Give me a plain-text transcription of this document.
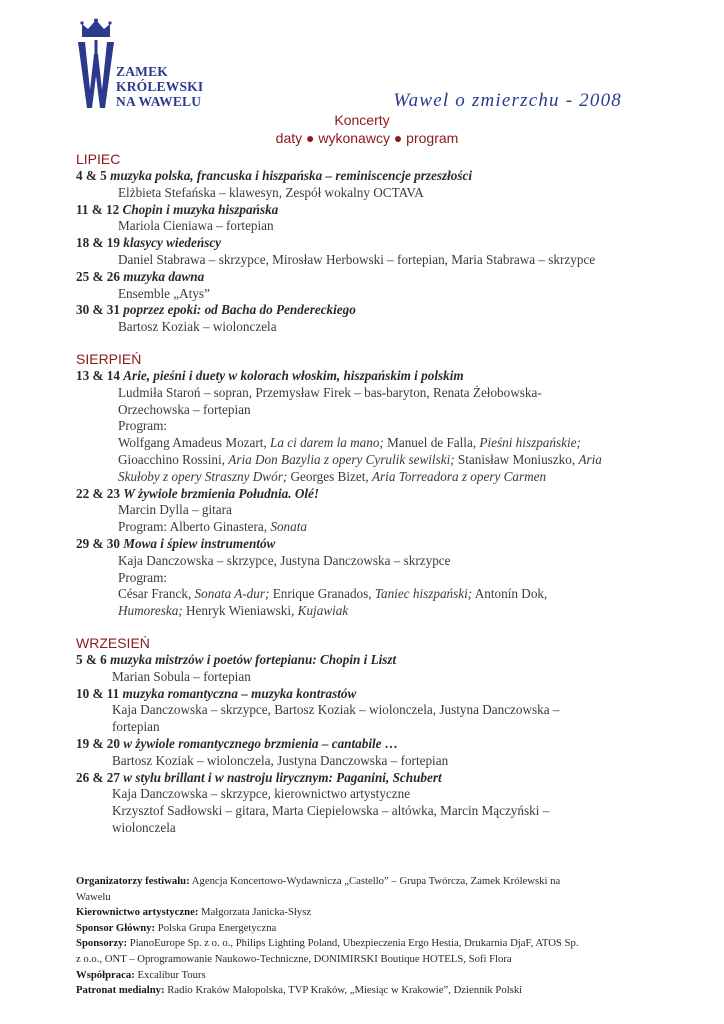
ZAMEK
KRÓLEWSKI
NA WAWELU	Wawel o zmierzchu - 2008
Koncerty
daty ● wykonawcy ● program
LIPIEC
4 & 5 muzyka polska, francuska i hiszpańska – reminiscencje przeszłości
Elżbieta Stefańska – klawesyn, Zespół wokalny OCTAVA
11 & 12 Chopin i muzyka hiszpańska
Mariola Cieniawa – fortepian
18 & 19 klasycy wiedeńscy
Daniel Stabrawa – skrzypce, Mirosław Herbowski – fortepian, Maria Stabrawa – skrzypce
25 & 26 muzyka dawna
Ensemble „Atys”
30 & 31 poprzez epoki: od Bacha do Pendereckiego
Bartosz Koziak – wiolonczela
SIERPIEŃ
13 & 14 Arie, pieśni i duety w kolorach włoskim, hiszpańskim i polskim
Ludmiła Staroń – sopran, Przemysław Firek – bas-baryton, Renata Żełobowska-
Orzechowska – fortepian
Program:
Wolfgang Amadeus Mozart, La ci darem la mano; Manuel de Falla, Pieśni hiszpańskie;
Gioacchino Rossini, Aria Don Bazylia z opery Cyrulik sewilski; Stanisław Moniuszko, Aria
Skułoby z opery Straszny Dwór; Georges Bizet, Aria Torreadora z opery Carmen
22 & 23 W żywiole brzmienia Południa. Olé!
Marcin Dylla – gitara
Program: Alberto Ginastera, Sonata
29 & 30 Mowa i śpiew instrumentów
Kaja Danczowska – skrzypce, Justyna Danczowska – skrzypce
Program:
César Franck, Sonata A-dur; Enrique Granados, Taniec hiszpański; Antonín Dok,
Humoreska; Henryk Wieniawski, Kujawiak
WRZESIEŃ
5 & 6 muzyka mistrzów i poetów fortepianu: Chopin i Liszt
Marian Sobula – fortepian
10 & 11 muzyka romantyczna – muzyka kontrastów
Kaja Danczowska – skrzypce, Bartosz Koziak – wiolonczela, Justyna Danczowska –
fortepian
19 & 20 w żywiole romantycznego brzmienia – cantabile …
Bartosz Koziak – wiolonczela, Justyna Danczowska – fortepian
26 & 27 w stylu brillant i w nastroju lirycznym: Paganini, Schubert
Kaja Danczowska – skrzypce, kierownictwo artystyczne
Krzysztof Sadłowski – gitara, Marta Ciepielowska – altówka, Marcin Mączyński –
wiolonczela
Organizatorzy festiwalu: Agencja Koncertowo-Wydawnicza „Castello” – Grupa Twórcza, Zamek Królewski na
Wawelu
Kierownictwo artystyczne: Małgorzata Janicka-Słysz
Sponsor Główny: Polska Grupa Energetyczna
Sponsorzy: PianoEurope Sp. z o. o., Philips Lighting Poland, Ubezpieczenia Ergo Hestia, Drukarnia DjaF, ATOS Sp.
z o.o., ONT – Oprogramowanie Naukowo-Techniczne, DONIMIRSKI Boutique HOTELS, Sofi Flora
Współpraca: Excalibur Tours
Patronat medialny: Radio Kraków Małopolska, TVP Kraków, „Miesiąc w Krakowie”, Dziennik Polski
